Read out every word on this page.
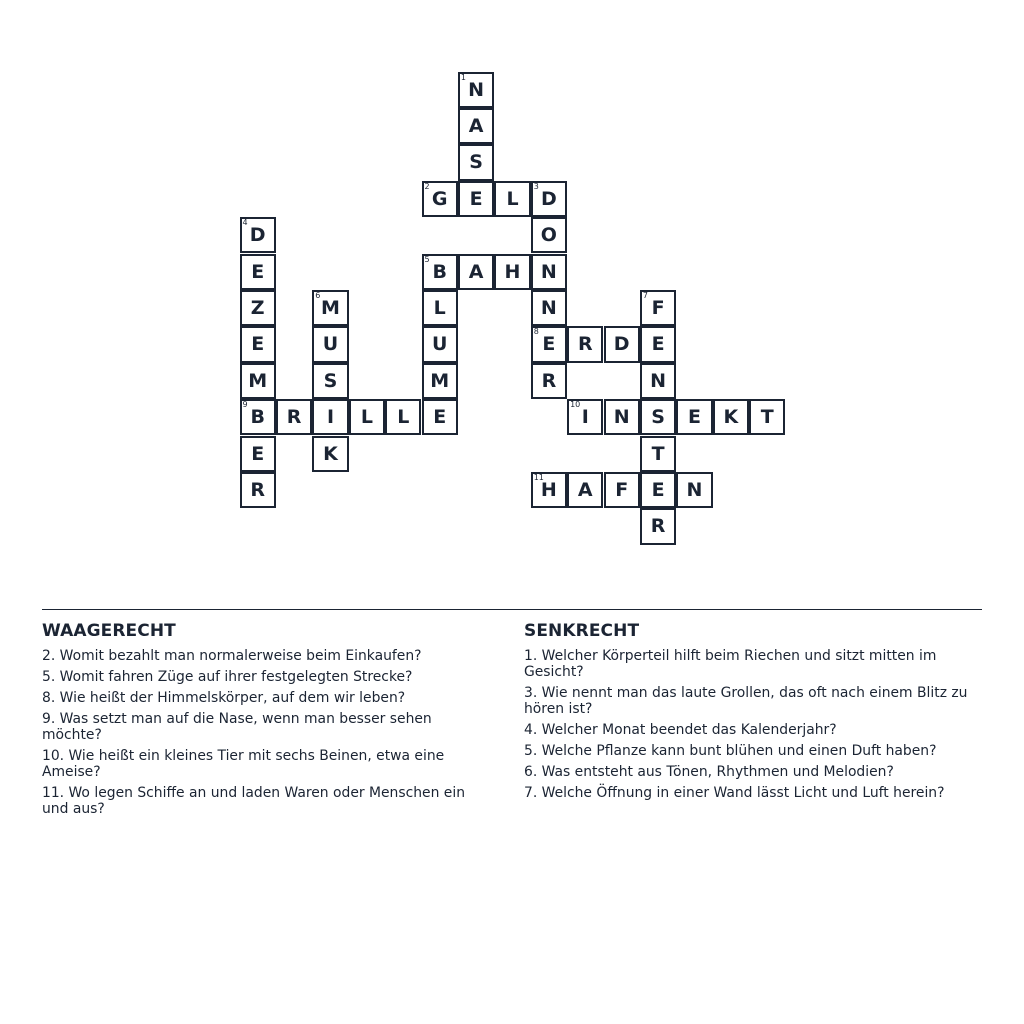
1
N
A
S
2
G	E	L
3
D
4
D	O
E
5
B	A	H	N
Z
6
M	L	N
7
F
E	U	U
8
E	R	D	E
M	S	M	R	N
9
B	R	I	L	L	E
10
I	N	S	E	K	T
E	K	T
R
11
H	A	F	E	N
R
WAAGERECHT
2. Womit bezahlt man normalerweise beim Einkaufen?
5. Womit fahren Züge auf ihrer festgelegten Strecke?
8. Wie heißt der Himmelskörper, auf dem wir leben?
9. Was setzt man auf die Nase, wenn man besser sehen möchte?
10. Wie heißt ein kleines Tier mit sechs Beinen, etwa eine Ameise?
11. Wo legen Schiffe an und laden Waren oder Menschen ein und aus?
SENKRECHT
1. Welcher Körperteil hilft beim Riechen und sitzt mitten im Gesicht?
3. Wie nennt man das laute Grollen, das oft nach einem Blitz zu hören ist?
4. Welcher Monat beendet das Kalenderjahr?
5. Welche Pflanze kann bunt blühen und einen Duft haben?
6. Was entsteht aus Tönen, Rhythmen und Melodien?
7. Welche Öffnung in einer Wand lässt Licht und Luft herein?
